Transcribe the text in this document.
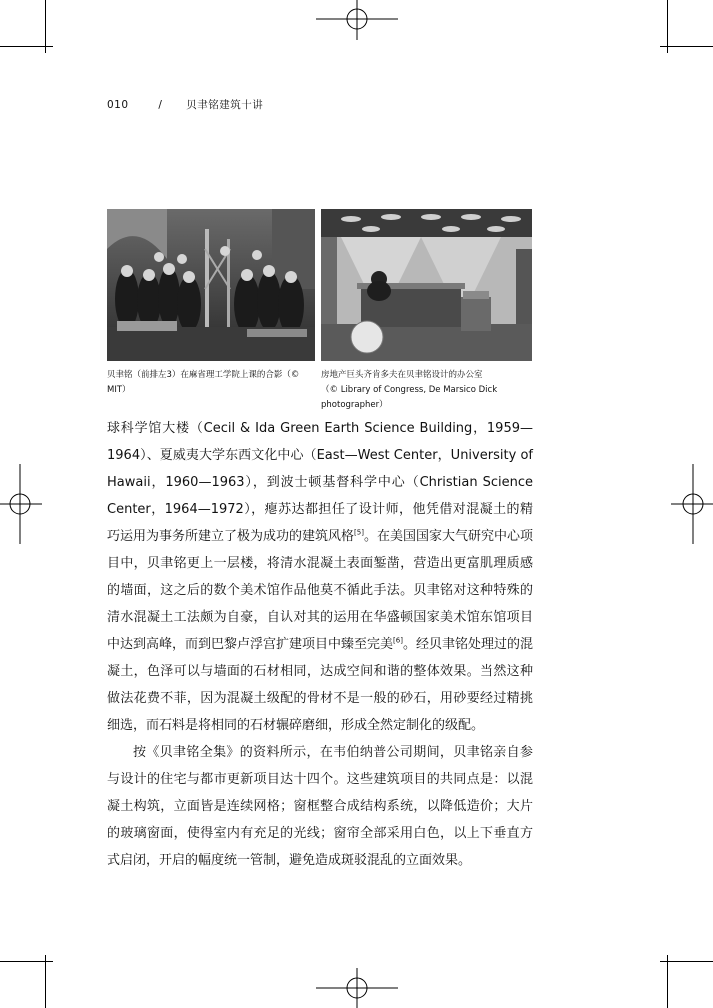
010	/ 贝聿铭建筑十讲
贝聿铭（前排左3）在麻省理工学院上课的合影（©
MIT）
房地产巨头齐肯多夫在贝聿铭设计的办公室
（© Library of Congress, De Marsico Dick
photographer）

球科学馆大楼（Cecil & Ida Green Earth Science Building，1959—1964）、夏威夷大学东西文化中心（East—West Center，University of Hawaii，1960—1963），到波士顿基督科学中心（Christian Science Center，1964—1972），瘪苏达都担任了设计师，他凭借对混凝土的精巧运用为事务所建立了极为成功的建筑风格[5]。在美国国家大气研究中心项目中，贝聿铭更上一层楼，将清水混凝土表面錾凿，营造出更富肌理质感的墙面，这之后的数个美术馆作品他莫不循此手法。贝聿铭对这种特殊的清水混凝土工法颇为自豪，自认对其的运用在华盛顿国家美术馆东馆项目中达到高峰，而到巴黎卢浮宫扩建项目中臻至完美[6]。经贝聿铭处理过的混凝土，色泽可以与墙面的石材相同，达成空间和谐的整体效果。当然这种做法花费不菲，因为混凝土级配的骨材不是一般的砂石，用砂要经过精挑细选，而石料是将相同的石材辗碎磨细，形成全然定制化的级配。

按《贝聿铭全集》的资料所示，在韦伯纳普公司期间，贝聿铭亲自参与设计的住宅与都市更新项目达十四个。这些建筑项目的共同点是：以混凝土构筑，立面皆是连续网格；窗框整合成结构系统，以降低造价；大片的玻璃窗面，使得室内有充足的光线；窗帘全部采用白色，以上下垂直方式启闭，开启的幅度统一管制，避免造成斑驳混乱的立面效果。
